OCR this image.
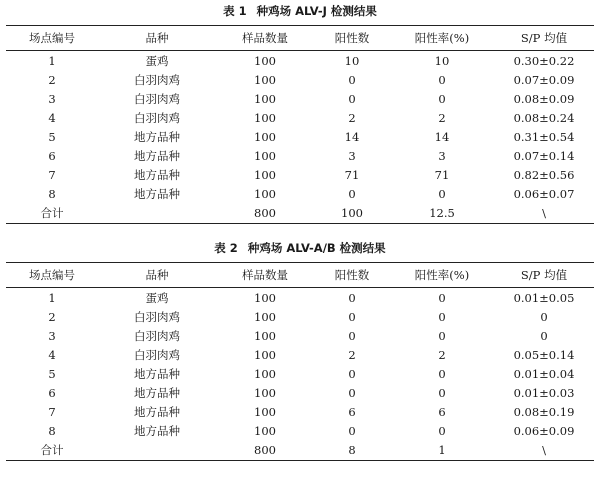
表 1 种鸡场 ALV-J 检测结果
场点编号	品种	样品数量	阳性数	阳性率(%)	S/P 均值
1	蛋鸡	100	10	10	0.30±0.22
2	白羽肉鸡	100	0	0	0.07±0.09
3	白羽肉鸡	100	0	0	0.08±0.09
4	白羽肉鸡	100	2	2	0.08±0.24
5	地方品种	100	14	14	0.31±0.54
6	地方品种	100	3	3	0.07±0.14
7	地方品种	100	71	71	0.82±0.56
8	地方品种	100	0	0	0.06±0.07
合计		800	100	12.5	\
表 2 种鸡场 ALV-A/B 检测结果
场点编号	品种	样品数量	阳性数	阳性率(%)	S/P 均值
1	蛋鸡	100	0	0	0.01±0.05
2	白羽肉鸡	100	0	0	0
3	白羽肉鸡	100	0	0	0
4	白羽肉鸡	100	2	2	0.05±0.14
5	地方品种	100	0	0	0.01±0.04
6	地方品种	100	0	0	0.01±0.03
7	地方品种	100	6	6	0.08±0.19
8	地方品种	100	0	0	0.06±0.09
合计		800	8	1	\
